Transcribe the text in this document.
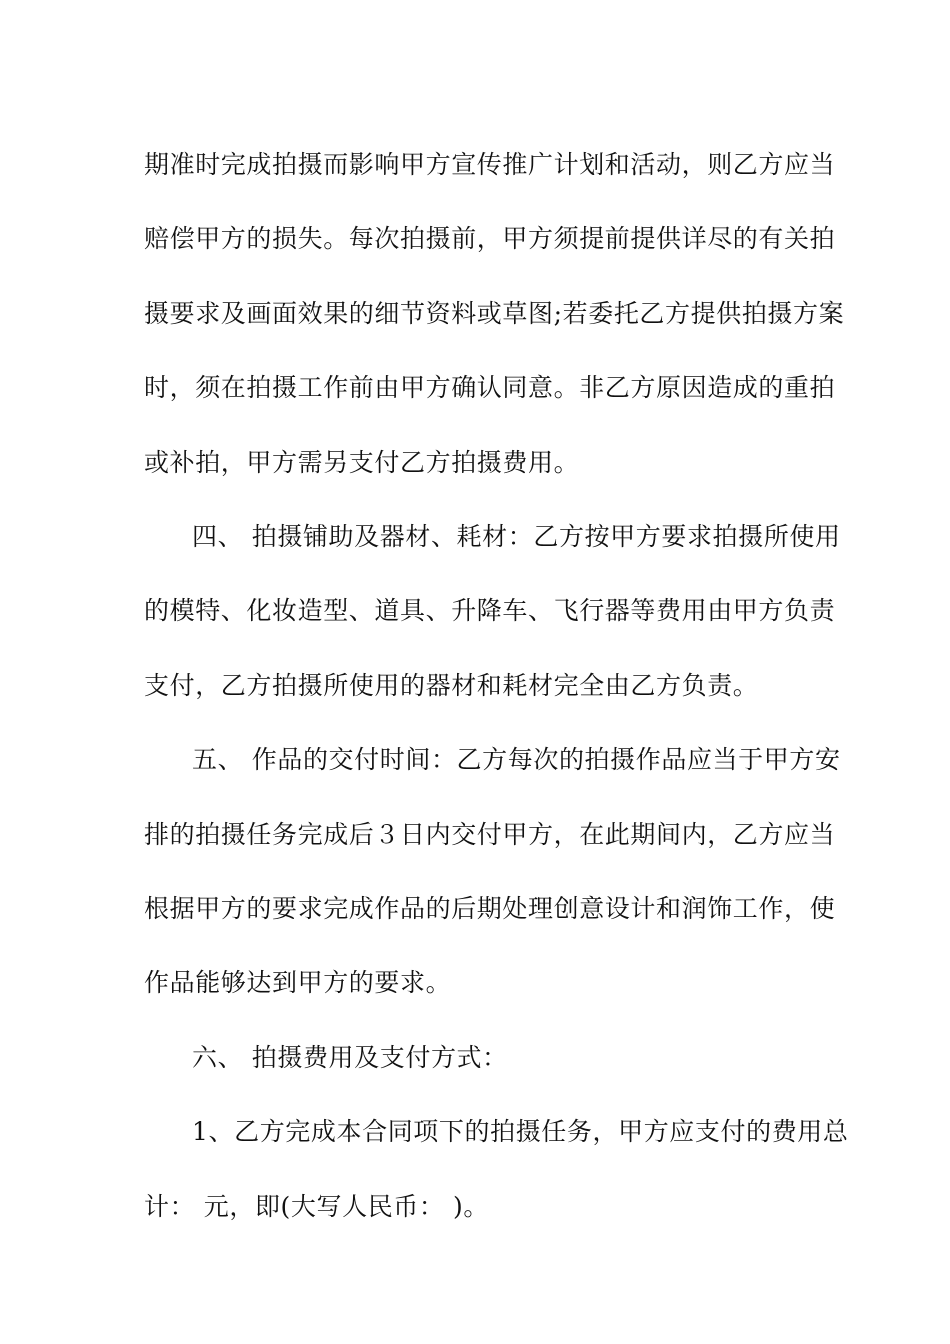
期准时完成拍摄而影响甲方宣传推广计划和活动，则乙方应当
赔偿甲方的损失。每次拍摄前，甲方须提前提供详尽的有关拍
摄要求及画面效果的细节资料或草图;若委托乙方提供拍摄方案
时，须在拍摄工作前由甲方确认同意。非乙方原因造成的重拍
或补拍，甲方需另支付乙方拍摄费用。

四、 拍摄铺助及器材、耗材：乙方按甲方要求拍摄所使用
的模特、化妆造型、道具、升降车、飞行器等费用由甲方负责
支付，乙方拍摄所使用的器材和耗材完全由乙方负责。

五、 作品的交付时间：乙方每次的拍摄作品应当于甲方安
排的拍摄任务完成后３日内交付甲方，在此期间内，乙方应当
根据甲方的要求完成作品的后期处理创意设计和润饰工作，使
作品能够达到甲方的要求。

六、 拍摄费用及支付方式：

1、乙方完成本合同项下的拍摄任务，甲方应支付的费用总
计： 元，即(大写人民币： )。
